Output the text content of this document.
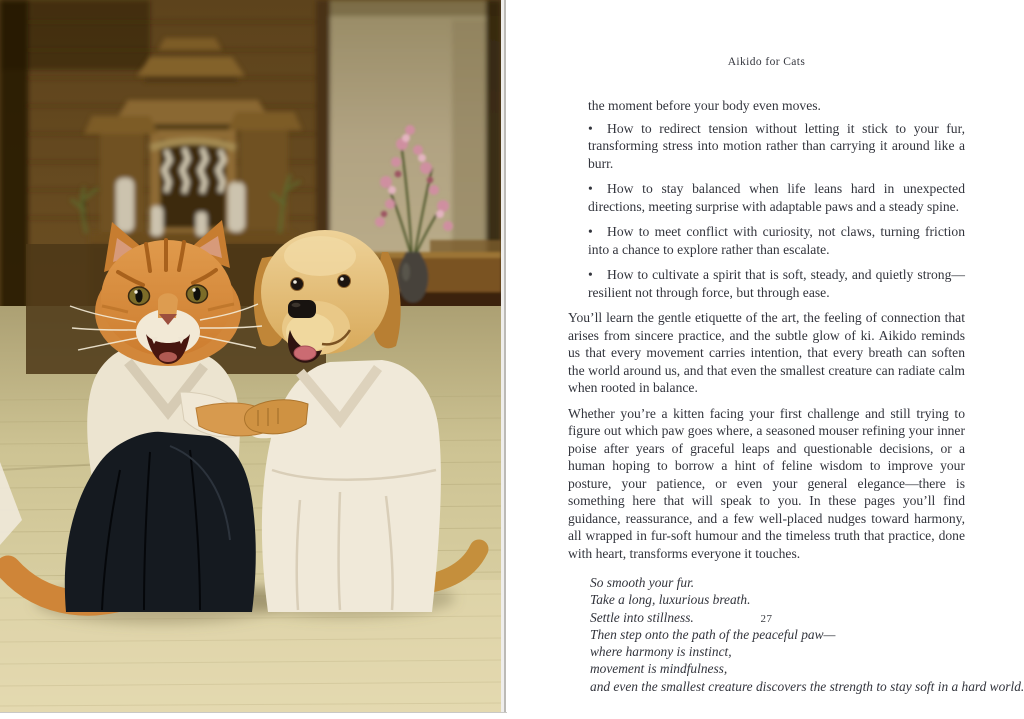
Aikido for Cats

the moment before your body even moves.

• How to redirect tension without letting it stick to your fur, transforming stress into motion rather than carrying it around like a burr.

• How to stay balanced when life leans hard in unexpected directions, meeting surprise with adaptable paws and a steady spine.

• How to meet conflict with curiosity, not claws, turning friction into a chance to explore rather than escalate.

• How to cultivate a spirit that is soft, steady, and quietly strong—resilient not through force, but through ease.

You’ll learn the gentle etiquette of the art, the feeling of connection that arises from sincere practice, and the subtle glow of ki. Aikido reminds us that every movement carries intention, that every breath can soften the world around us, and that even the smallest creature can radiate calm when rooted in balance.

Whether you’re a kitten facing your first challenge and still trying to figure out which paw goes where, a seasoned mouser refining your inner poise after years of graceful leaps and questionable decisions, or a human hoping to borrow a hint of feline wisdom to improve your posture, your patience, or even your general elegance—there is something here that will speak to you. In these pages you’ll find guidance, reassurance, and a few well-placed nudges toward harmony, all wrapped in fur-soft humour and the timeless truth that practice, done with heart, transforms everyone it touches.

So smooth your fur.
Take a long, luxurious breath.
Settle into stillness.
Then step onto the path of the peaceful paw—
where harmony is instinct,
movement is mindfulness,
and even the smallest creature discovers the strength to stay soft in a hard world.
27
